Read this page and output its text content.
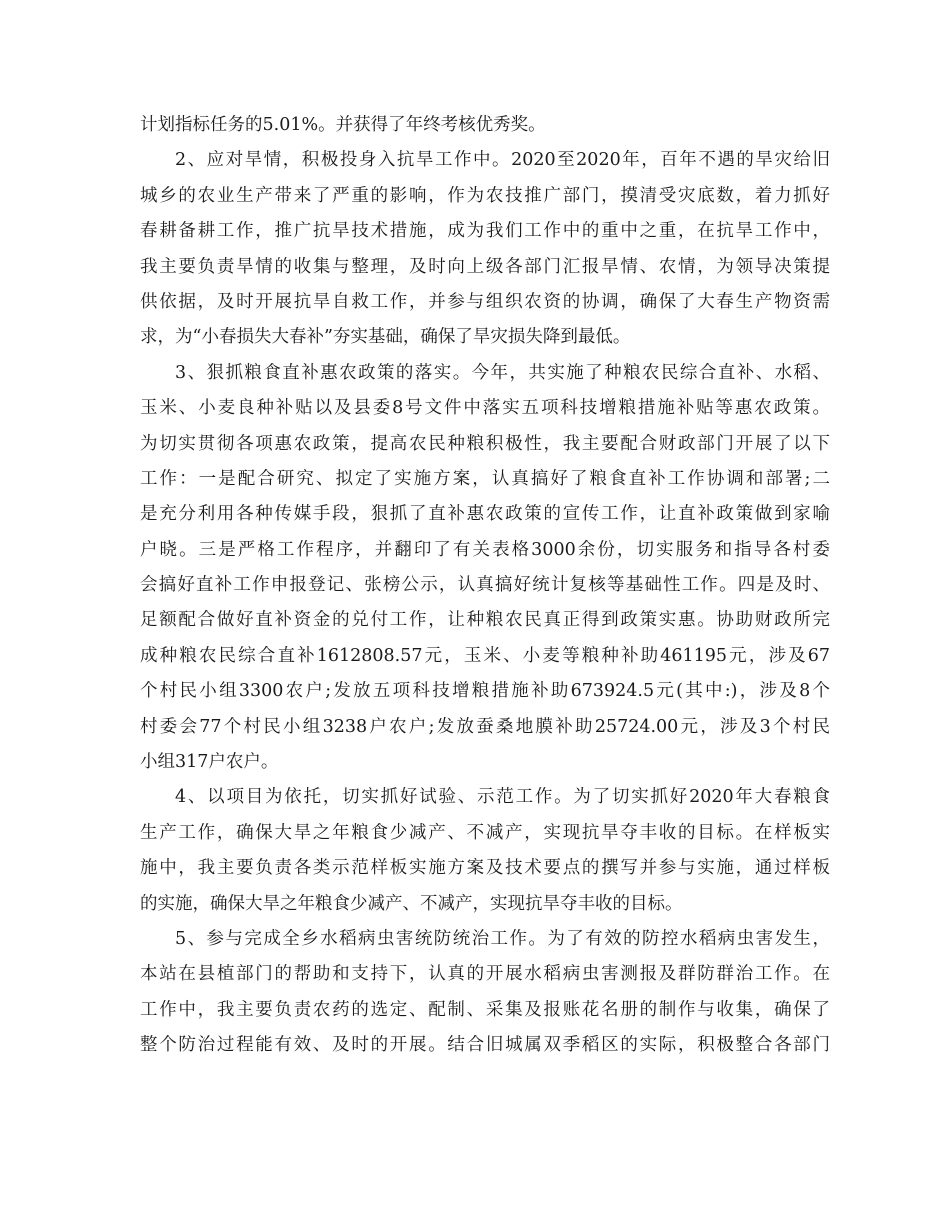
计划指标任务的5.01%。并获得了年终考核优秀奖。
2、应对旱情，积极投身入抗旱工作中。2020至2020年，百年不遇的旱灾给旧
城乡的农业生产带来了严重的影响，作为农技推广部门，摸清受灾底数，着力抓好
春耕备耕工作，推广抗旱技术措施，成为我们工作中的重中之重，在抗旱工作中，
我主要负责旱情的收集与整理，及时向上级各部门汇报旱情、农情，为领导决策提
供依据，及时开展抗旱自救工作，并参与组织农资的协调，确保了大春生产物资需
求，为“小春损失大春补”夯实基础，确保了旱灾损失降到最低。
3、狠抓粮食直补惠农政策的落实。今年，共实施了种粮农民综合直补、水稻、
玉米、小麦良种补贴以及县委8号文件中落实五项科技增粮措施补贴等惠农政策。
为切实贯彻各项惠农政策，提高农民种粮积极性，我主要配合财政部门开展了以下
工作：一是配合研究、拟定了实施方案，认真搞好了粮食直补工作协调和部署;二
是充分利用各种传媒手段，狠抓了直补惠农政策的宣传工作，让直补政策做到家喻
户晓。三是严格工作程序，并翻印了有关表格3000余份，切实服务和指导各村委
会搞好直补工作申报登记、张榜公示，认真搞好统计复核等基础性工作。四是及时、
足额配合做好直补资金的兑付工作，让种粮农民真正得到政策实惠。协助财政所完
成种粮农民综合直补1612808.57元，玉米、小麦等粮种补助461195元，涉及67
个村民小组3300农户;发放五项科技增粮措施补助673924.5元(其中:)，涉及8个
村委会77个村民小组3238户农户;发放蚕桑地膜补助25724.00元，涉及3个村民
小组317户农户。
4、以项目为依托，切实抓好试验、示范工作。为了切实抓好2020年大春粮食
生产工作，确保大旱之年粮食少减产、不减产，实现抗旱夺丰收的目标。在样板实
施中，我主要负责各类示范样板实施方案及技术要点的撰写并参与实施，通过样板
的实施，确保大旱之年粮食少减产、不减产，实现抗旱夺丰收的目标。
5、参与完成全乡水稻病虫害统防统治工作。为了有效的防控水稻病虫害发生，
本站在县植部门的帮助和支持下，认真的开展水稻病虫害测报及群防群治工作。在
工作中，我主要负责农药的选定、配制、采集及报账花名册的制作与收集，确保了
整个防治过程能有效、及时的开展。结合旧城属双季稻区的实际，积极整合各部门
